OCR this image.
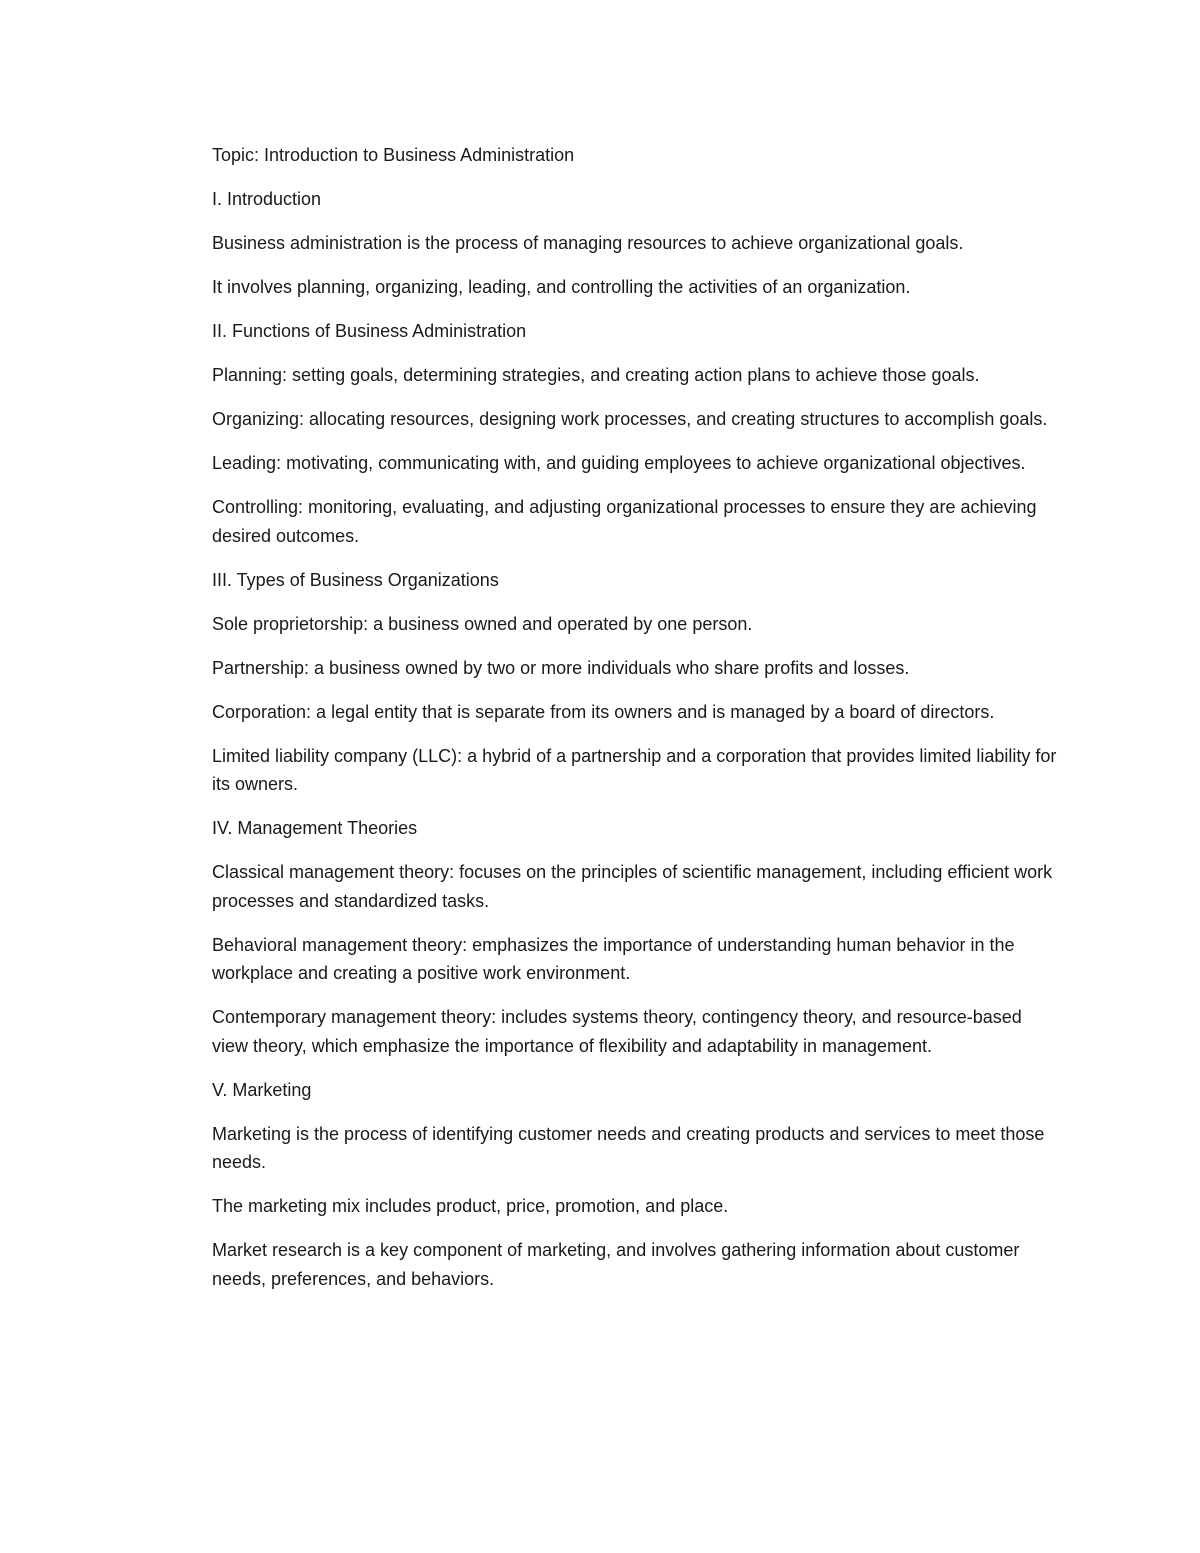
Topic: Introduction to Business Administration

I. Introduction

Business administration is the process of managing resources to achieve organizational goals.

It involves planning, organizing, leading, and controlling the activities of an organization.

II. Functions of Business Administration

Planning: setting goals, determining strategies, and creating action plans to achieve those goals.

Organizing: allocating resources, designing work processes, and creating structures to accomplish goals.

Leading: motivating, communicating with, and guiding employees to achieve organizational objectives.

Controlling: monitoring, evaluating, and adjusting organizational processes to ensure they are achieving desired outcomes.

III. Types of Business Organizations

Sole proprietorship: a business owned and operated by one person.

Partnership: a business owned by two or more individuals who share profits and losses.

Corporation: a legal entity that is separate from its owners and is managed by a board of directors.

Limited liability company (LLC): a hybrid of a partnership and a corporation that provides limited liability for its owners.

IV. Management Theories

Classical management theory: focuses on the principles of scientific management, including efficient work processes and standardized tasks.

Behavioral management theory: emphasizes the importance of understanding human behavior in the workplace and creating a positive work environment.

Contemporary management theory: includes systems theory, contingency theory, and resource-based view theory, which emphasize the importance of flexibility and adaptability in management.

V. Marketing

Marketing is the process of identifying customer needs and creating products and services to meet those needs.

The marketing mix includes product, price, promotion, and place.

Market research is a key component of marketing, and involves gathering information about customer needs, preferences, and behaviors.
